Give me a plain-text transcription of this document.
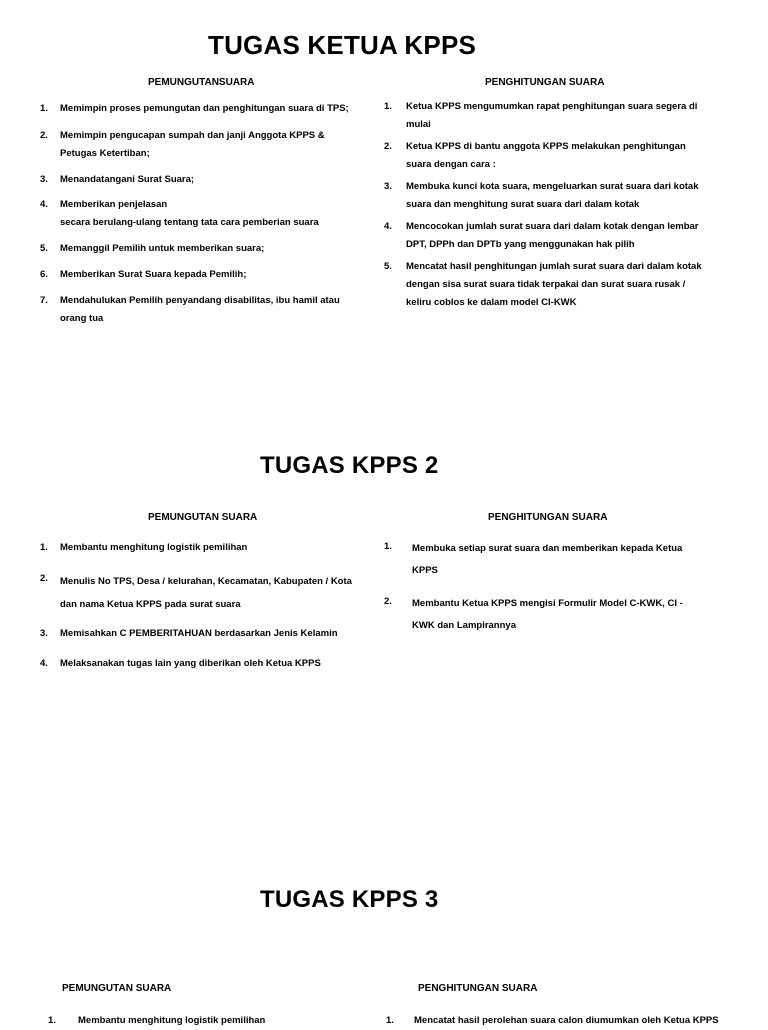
TUGAS KETUA KPPS
PEMUNGUTANSUARA
1. Memimpin proses pemungutan dan penghitungan suara di TPS;
2. Memimpin pengucapan sumpah dan janji Anggota KPPS &
Petugas Ketertiban;
3. Menandatangani Surat Suara;
4. Memberikan penjelasan
secara berulang-ulang tentang tata cara pemberian suara
5. Memanggil Pemilih untuk memberikan suara;
6. Memberikan Surat Suara kepada Pemilih;
7. Mendahulukan Pemilih penyandang disabilitas, ibu hamil atau
orang tua
PENGHITUNGAN SUARA
1. Ketua KPPS mengumumkan rapat penghitungan suara segera di
mulai
2. Ketua KPPS di bantu anggota KPPS melakukan penghitungan
suara dengan cara :
3. Membuka kunci kota suara, mengeluarkan surat suara dari kotak
suara dan menghitung surat suara dari dalam kotak
4. Mencocokan jumlah surat suara dari dalam kotak dengan lembar
DPT, DPPh dan DPTb yang menggunakan hak pilih
5. Mencatat hasil penghitungan jumlah surat suara dari dalam kotak
dengan sisa surat suara tidak terpakai dan surat suara rusak /
keliru coblos ke dalam model CI-KWK
TUGAS KPPS 2
PEMUNGUTAN SUARA
1. Membantu menghitung logistik pemilihan
2. Menulis No TPS, Desa / kelurahan, Kecamatan, Kabupaten / Kota
dan nama Ketua KPPS pada surat suara
3. Memisahkan C PEMBERITAHUAN berdasarkan Jenis Kelamin
4. Melaksanakan tugas lain yang diberikan oleh Ketua KPPS
PENGHITUNGAN SUARA
1. Membuka setiap surat suara dan memberikan kepada Ketua
KPPS
2. Membantu Ketua KPPS mengisi Formulir Model C-KWK, CI -
KWK dan Lampirannya
TUGAS KPPS 3
PEMUNGUTAN SUARA
1. Membantu menghitung logistik pemilihan
PENGHITUNGAN SUARA
1. Mencatat hasil perolehan suara calon diumumkan oleh Ketua KPPS
